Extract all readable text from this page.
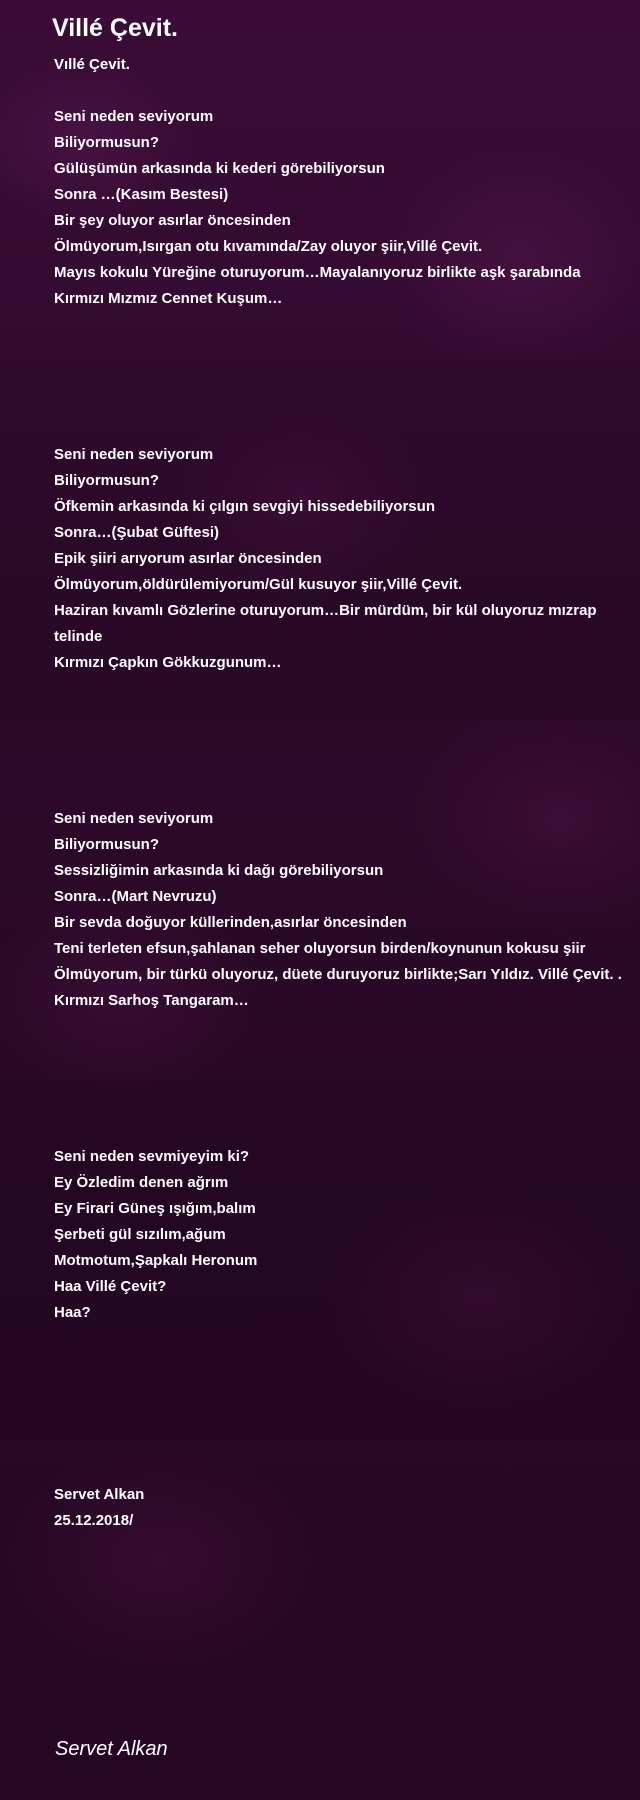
Villé Çevit.
Vıllé Çevit.
Seni neden seviyorum
Biliyormusun?
Gülüşümün arkasında ki kederi görebiliyorsun
Sonra …(Kasım Bestesi)
Bir şey oluyor asırlar öncesinden
Ölmüyorum,Isırgan otu kıvamında/Zay oluyor şiir,Villé Çevit.
Mayıs kokulu Yüreğine oturuyorum…Mayalanıyoruz birlikte aşk şarabında
Kırmızı Mızmız Cennet Kuşum…
Seni neden seviyorum
Biliyormusun?
Öfkemin arkasında ki çılgın sevgiyi hissedebiliyorsun
Sonra…(Şubat Güftesi)
Epik şiiri arıyorum asırlar öncesinden
Ölmüyorum,öldürülemiyorum/Gül kusuyor şiir,Villé Çevit.
Haziran kıvamlı Gözlerine oturuyorum…Bir mürdüm, bir kül oluyoruz mızrap telinde
Kırmızı Çapkın Gökkuzgunum…
Seni neden seviyorum
Biliyormusun?
Sessizliğimin arkasında ki dağı görebiliyorsun
Sonra…(Mart Nevruzu)
Bir sevda doğuyor küllerinden,asırlar öncesinden
Teni terleten efsun,şahlanan seher oluyorsun birden/koynunun kokusu şiir
Ölmüyorum, bir türkü oluyoruz, düete duruyoruz birlikte;Sarı Yıldız. Villé Çevit. .
Kırmızı Sarhoş Tangaram…
Seni neden sevmiyeyim ki?
Ey Özledim denen ağrım
Ey Firari Güneş ışığım,balım
Şerbeti gül sızılım,ağum
Motmotum,Şapkalı Heronum
Haa Villé Çevit?
Haa?
Servet Alkan
25.12.2018/
Servet Alkan
